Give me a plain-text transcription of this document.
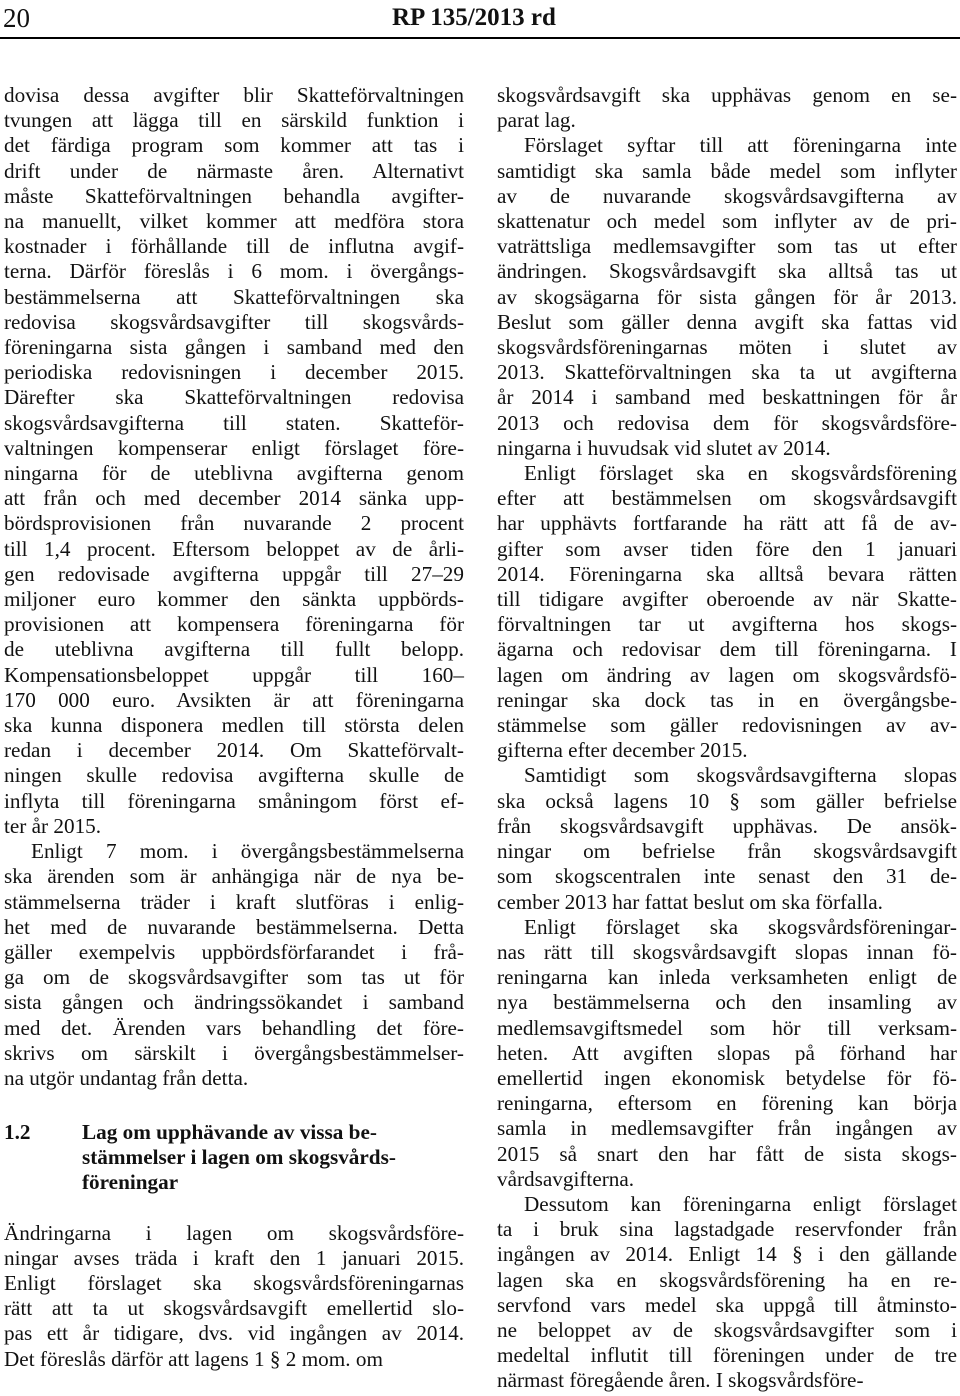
20	RP 135/2013 rd
dovisa dessa avgifter blir Skatteförvaltningen
tvungen att lägga till en särskild funktion i
det färdiga program som kommer att tas i
drift under de närmaste åren. Alternativt
måste Skatteförvaltningen behandla avgifter-
na manuellt, vilket kommer att medföra stora
kostnader i förhållande till de influtna avgif-
terna. Därför föreslås i 6 mom. i övergångs-
bestämmelserna att Skatteförvaltningen ska
redovisa skogsvårdsavgifter till skogsvårds-
föreningarna sista gången i samband med den
periodiska redovisningen i december 2015.
Därefter ska Skatteförvaltningen redovisa
skogsvårdsavgifterna till staten. Skatteför-
valtningen kompenserar enligt förslaget före-
ningarna för de uteblivna avgifterna genom
att från och med december 2014 sänka upp-
bördsprovisionen från nuvarande 2 procent
till 1,4 procent. Eftersom beloppet av de årli-
gen redovisade avgifterna uppgår till 27–29
miljoner euro kommer den sänkta uppbörds-
provisionen att kompensera föreningarna för
de uteblivna avgifterna till fullt belopp.
Kompensationsbeloppet uppgår till 160–
170 000 euro. Avsikten är att föreningarna
ska kunna disponera medlen till största delen
redan i december 2014. Om Skatteförvalt-
ningen skulle redovisa avgifterna skulle de
inflyta till föreningarna småningom först ef-
ter år 2015.
Enligt 7 mom. i övergångsbestämmelserna
ska ärenden som är anhängiga när de nya be-
stämmelserna träder i kraft slutföras i enlig-
het med de nuvarande bestämmelserna. Detta
gäller exempelvis uppbördsförfarandet i frå-
ga om de skogsvårdsavgifter som tas ut för
sista gången och ändringssökandet i samband
med det. Ärenden vars behandling det före-
skrivs om särskilt i övergångsbestämmelser-
na utgör undantag från detta.
1.2 Lag om upphävande av vissa be-
stämmelser i lagen om skogsvårds-
föreningar
Ändringarna i lagen om skogsvårdsföre-
ningar avses träda i kraft den 1 januari 2015.
Enligt förslaget ska skogsvårdsföreningarnas
rätt att ta ut skogsvårdsavgift emellertid slo-
pas ett år tidigare, dvs. vid ingången av 2014.
Det föreslås därför att lagens 1 § 2 mom. om
skogsvårdsavgift ska upphävas genom en se-
parat lag.
Förslaget syftar till att föreningarna inte
samtidigt ska samla både medel som inflyter
av de nuvarande skogsvårdsavgifterna av
skattenatur och medel som inflyter av de pri-
vaträttsliga medlemsavgifter som tas ut efter
ändringen. Skogsvårdsavgift ska alltså tas ut
av skogsägarna för sista gången för år 2013.
Beslut som gäller denna avgift ska fattas vid
skogsvårdsföreningarnas möten i slutet av
2013. Skatteförvaltningen ska ta ut avgifterna
år 2014 i samband med beskattningen för år
2013 och redovisa dem för skogsvårdsföre-
ningarna i huvudsak vid slutet av 2014.
Enligt förslaget ska en skogsvårdsförening
efter att bestämmelsen om skogsvårdsavgift
har upphävts fortfarande ha rätt att få de av-
gifter som avser tiden före den 1 januari
2014. Föreningarna ska alltså bevara rätten
till tidigare avgifter oberoende av när Skatte-
förvaltningen tar ut avgifterna hos skogs-
ägarna och redovisar dem till föreningarna. I
lagen om ändring av lagen om skogsvårdsfö-
reningar ska dock tas in en övergångsbe-
stämmelse som gäller redovisningen av av-
gifterna efter december 2015.
Samtidigt som skogsvårdsavgifterna slopas
ska också lagens 10 § som gäller befrielse
från skogsvårdsavgift upphävas. De ansök-
ningar om befrielse från skogsvårdsavgift
som skogscentralen inte senast den 31 de-
cember 2013 har fattat beslut om ska förfalla.
Enligt förslaget ska skogsvårdsföreningar-
nas rätt till skogsvårdsavgift slopas innan fö-
reningarna kan inleda verksamheten enligt de
nya bestämmelserna och den insamling av
medlemsavgiftsmedel som hör till verksam-
heten. Att avgiften slopas på förhand har
emellertid ingen ekonomisk betydelse för fö-
reningarna, eftersom en förening kan börja
samla in medlemsavgifter från ingången av
2015 så snart den har fått de sista skogs-
vårdsavgifterna.
Dessutom kan föreningarna enligt förslaget
ta i bruk sina lagstadgade reservfonder från
ingången av 2014. Enligt 14 § i den gällande
lagen ska en skogsvårdsförening ha en re-
servfond vars medel ska uppgå till åtminsto-
ne beloppet av de skogsvårdsavgifter som i
medeltal influtit till föreningen under de tre
närmast föregående åren. I skogsvårdsföre-
